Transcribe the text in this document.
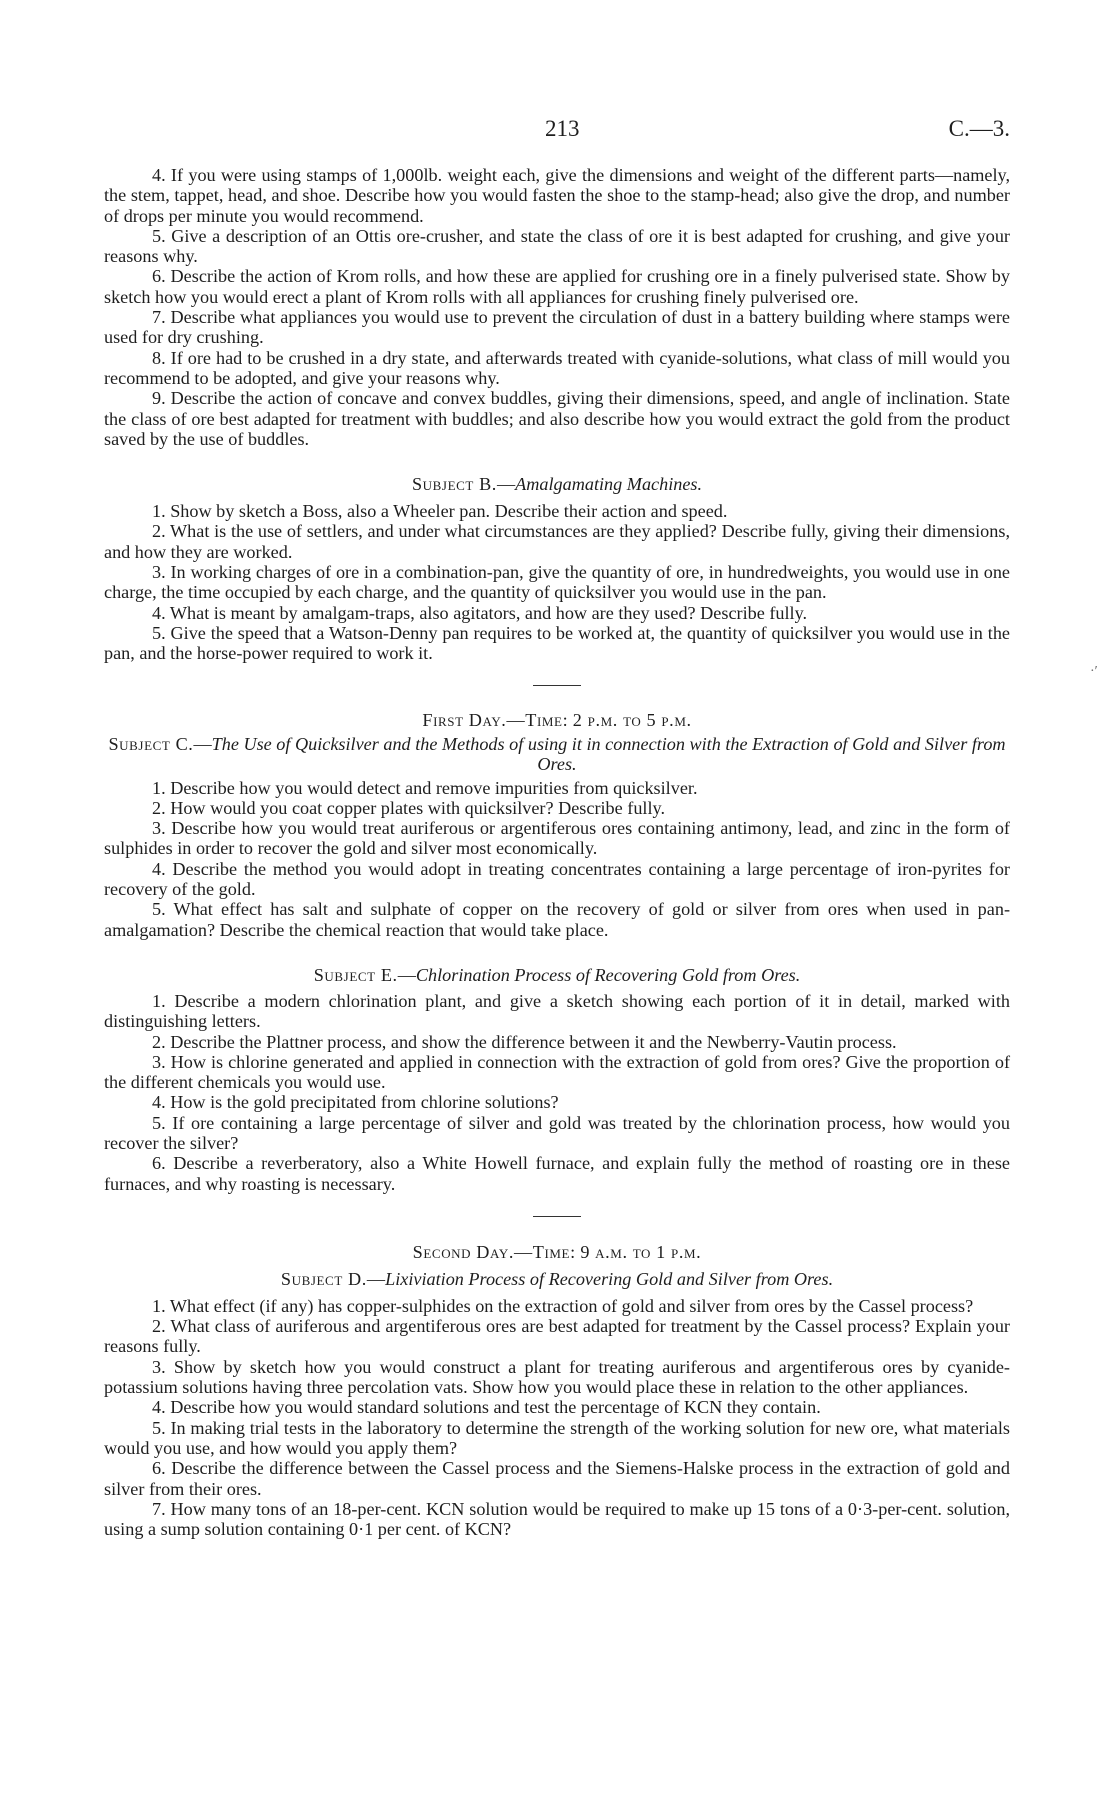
213	C.—3.
·′

4. If you were using stamps of 1,000lb. weight each, give the dimensions and weight of the different parts—namely, the stem, tappet, head, and shoe. Describe how you would fasten the shoe to the stamp-head; also give the drop, and number of drops per minute you would recommend.

5. Give a description of an Ottis ore-crusher, and state the class of ore it is best adapted for crushing, and give your reasons why.

6. Describe the action of Krom rolls, and how these are applied for crushing ore in a finely pulverised state. Show by sketch how you would erect a plant of Krom rolls with all appliances for crushing finely pulverised ore.

7. Describe what appliances you would use to prevent the circulation of dust in a battery building where stamps were used for dry crushing.

8. If ore had to be crushed in a dry state, and afterwards treated with cyanide-solutions, what class of mill would you recommend to be adopted, and give your reasons why.

9. Describe the action of concave and convex buddles, giving their dimensions, speed, and angle of inclination. State the class of ore best adapted for treatment with buddles; and also describe how you would extract the gold from the product saved by the use of buddles.

Subject B.—Amalgamating Machines.

1. Show by sketch a Boss, also a Wheeler pan. Describe their action and speed.

2. What is the use of settlers, and under what circumstances are they applied? Describe fully, giving their dimensions, and how they are worked.

3. In working charges of ore in a combination-pan, give the quantity of ore, in hundredweights, you would use in one charge, the time occupied by each charge, and the quantity of quicksilver you would use in the pan.

4. What is meant by amalgam-traps, also agitators, and how are they used? Describe fully.

5. Give the speed that a Watson-Denny pan requires to be worked at, the quantity of quicksilver you would use in the pan, and the horse-power required to work it.

First Day.—Time: 2 p.m. to 5 p.m.

Subject C.—The Use of Quicksilver and the Methods of using it in connection with the Extraction of Gold and Silver from Ores.

1. Describe how you would detect and remove impurities from quicksilver.

2. How would you coat copper plates with quicksilver? Describe fully.

3. Describe how you would treat auriferous or argentiferous ores containing antimony, lead, and zinc in the form of sulphides in order to recover the gold and silver most economically.

4. Describe the method you would adopt in treating concentrates containing a large percentage of iron-pyrites for recovery of the gold.

5. What effect has salt and sulphate of copper on the recovery of gold or silver from ores when used in pan-amalgamation? Describe the chemical reaction that would take place.

Subject E.—Chlorination Process of Recovering Gold from Ores.

1. Describe a modern chlorination plant, and give a sketch showing each portion of it in detail, marked with distinguishing letters.

2. Describe the Plattner process, and show the difference between it and the Newberry-Vautin process.

3. How is chlorine generated and applied in connection with the extraction of gold from ores? Give the proportion of the different chemicals you would use.

4. How is the gold precipitated from chlorine solutions?

5. If ore containing a large percentage of silver and gold was treated by the chlorination process, how would you recover the silver?

6. Describe a reverberatory, also a White Howell furnace, and explain fully the method of roasting ore in these furnaces, and why roasting is necessary.

Second Day.—Time: 9 a.m. to 1 p.m.

Subject D.—Lixiviation Process of Recovering Gold and Silver from Ores.

1. What effect (if any) has copper-sulphides on the extraction of gold and silver from ores by the Cassel process?

2. What class of auriferous and argentiferous ores are best adapted for treatment by the Cassel process? Explain your reasons fully.

3. Show by sketch how you would construct a plant for treating auriferous and argentiferous ores by cyanide-potassium solutions having three percolation vats. Show how you would place these in relation to the other appliances.

4. Describe how you would standard solutions and test the percentage of KCN they contain.

5. In making trial tests in the laboratory to determine the strength of the working solution for new ore, what materials would you use, and how would you apply them?

6. Describe the difference between the Cassel process and the Siemens-Halske process in the extraction of gold and silver from their ores.

7. How many tons of an 18-per-cent. KCN solution would be required to make up 15 tons of a 0·3-per-cent. solution, using a sump solution containing 0·1 per cent. of KCN?
